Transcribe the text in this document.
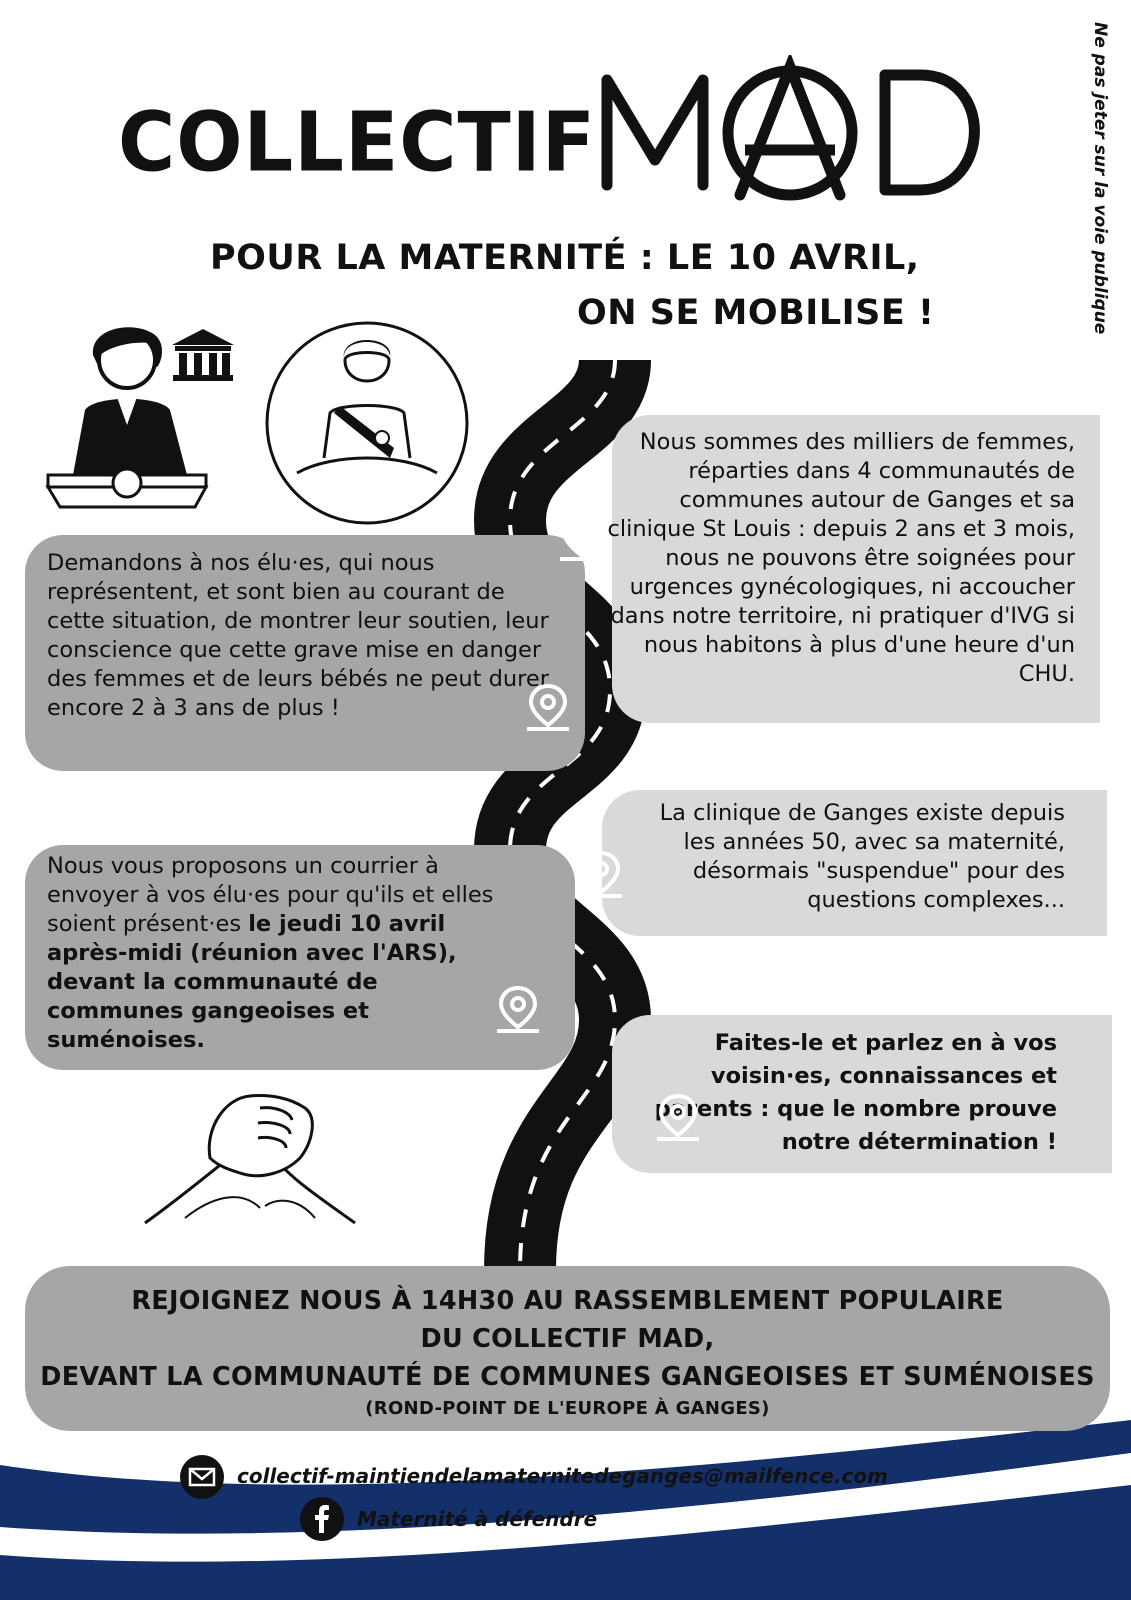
COLLECTIF	Ne pas jeter sur la voie publique
POUR LA MATERNITÉ : LE 10 AVRIL,
ON SE MOBILISE !
Nous sommes des milliers de femmes, réparties dans 4 communautés de communes autour de Ganges et sa clinique St Louis : depuis 2 ans et 3 mois, nous ne pouvons être soignées pour urgences gynécologiques, ni accoucher dans notre territoire, ni pratiquer d'IVG si nous habitons à plus d'une heure d'un CHU.
Demandons à nos élu·es, qui nous représentent, et sont bien au courant de cette situation, de montrer leur soutien, leur conscience que cette grave mise en danger des femmes et de leurs bébés ne peut durer encore 2 à 3 ans de plus !
La clinique de Ganges existe depuis les années 50, avec sa maternité, désormais "suspendue" pour des questions complexes...
Nous vous proposons un courrier à envoyer à vos élu·es pour qu'ils et elles soient présent·es le jeudi 10 avril après-midi (réunion avec l'ARS), devant la communauté de communes gangeoises et suménoises.	Faites-le et parlez en à vos voisin·es, connaissances et parents : que le nombre prouve notre détermination !
REJOIGNEZ NOUS À 14H30 AU RASSEMBLEMENT POPULAIRE
DU COLLECTIF MAD,
DEVANT LA COMMUNAUTÉ DE COMMUNES GANGEOISES ET SUMÉNOISES
(ROND-POINT DE L'EUROPE À GANGES)
collectif-maintiendelamaternitedeganges@mailfence.com
Maternité à défendre
